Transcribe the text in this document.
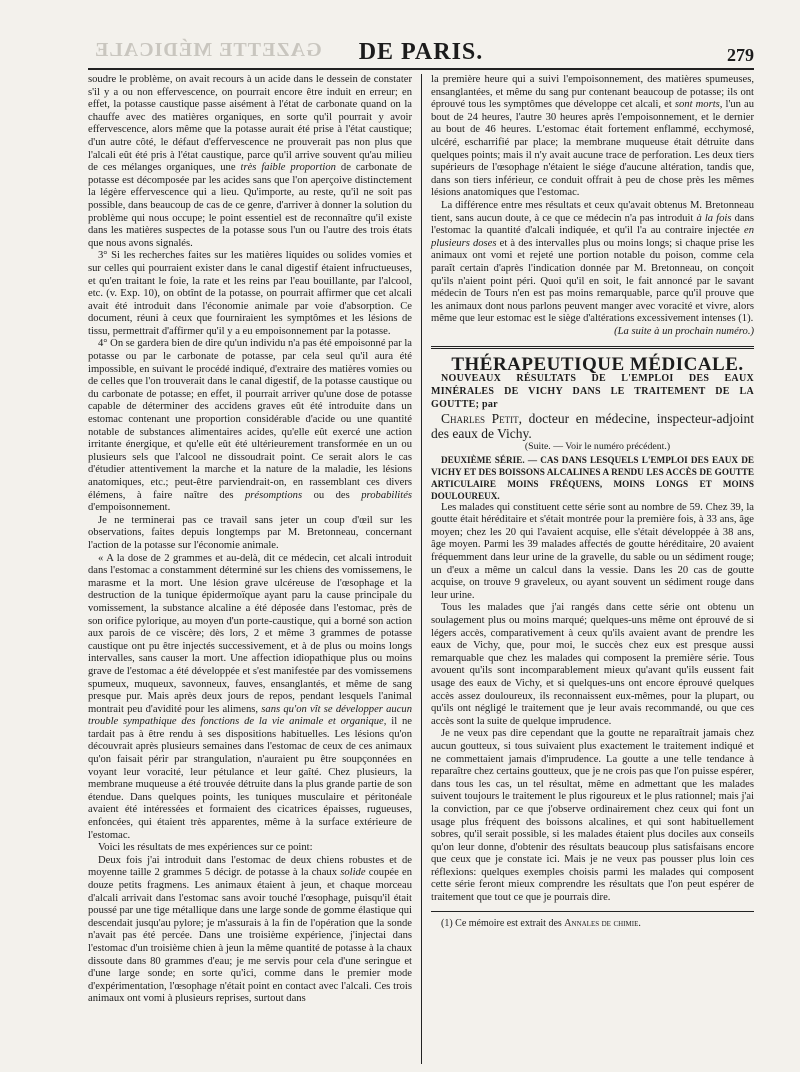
GAZETTE MÉDICALE DE PARIS.	279

soudre le problème, on avait recours à un acide dans le dessein de constater s'il y a ou non effervescence, on pourrait encore être induit en erreur; en effet, la potasse caustique passe aisément à l'état de carbonate quand on la chauffe avec des matières organiques, en sorte qu'il pourrait y avoir effervescence, alors même que la potasse aurait été prise à l'état caustique; d'un autre côté, le défaut d'effervescence ne prouverait pas non plus que l'alcali eût été pris à l'état caustique, parce qu'il arrive souvent qu'au milieu de ces mélanges organiques, une très faible proportion de carbonate de potasse est décomposée par les acides sans que l'on aperçoive distinctement la légère effervescence qui a lieu. Qu'importe, au reste, qu'il ne soit pas possible, dans beaucoup de cas de ce genre, d'arriver à donner la solution du problème qui nous occupe; le point essentiel est de reconnaître qu'il existe dans les matières suspectes de la potasse sous l'un ou l'autre des trois états que nous avons signalés.

3° Si les recherches faites sur les matières liquides ou solides vomies et sur celles qui pourraient exister dans le canal digestif étaient infructueuses, et qu'en traitant le foie, la rate et les reins par l'eau bouillante, par l'alcool, etc. (v. Exp. 10), on obtînt de la potasse, on pourrait affirmer que cet alcali avait été introduit dans l'économie animale par voie d'absorption. Ce document, réuni à ceux que fourniraient les symptômes et les lésions de tissu, permettrait d'affirmer qu'il y a eu empoisonnement par la potasse.

4° On se gardera bien de dire qu'un individu n'a pas été empoisonné par la potasse ou par le carbonate de potasse, par cela seul qu'il aura été impossible, en suivant le procédé indiqué, d'extraire des matières vomies ou de celles que l'on trouverait dans le canal digestif, de la potasse caustique ou du carbonate de potasse; en effet, il pourrait arriver qu'une dose de potasse capable de déterminer des accidens graves eût été introduite dans un estomac contenant une proportion considérable d'acide ou une quantité notable de substances alimentaires acides, qu'elle eût exercé une action irritante énergique, et qu'elle eût été ultérieurement transformée en un ou plusieurs sels que l'alcool ne dissoudrait point. Ce serait alors le cas d'étudier attentivement la marche et la nature de la maladie, les lésions anatomiques, etc.; peut-être parviendrait-on, en rassemblant ces divers élémens, à faire naître des présomptions ou des probabilités d'empoisonnement.

Je ne terminerai pas ce travail sans jeter un coup d'œil sur les observations, faites depuis longtemps par M. Bretonneau, concernant l'action de la potasse sur l'économie animale.

« A la dose de 2 grammes et au-delà, dit ce médecin, cet alcali introduit dans l'estomac a constamment déterminé sur les chiens des vomissemens, le marasme et la mort. Une lésion grave ulcéreuse de l'œsophage et la destruction de la tunique épidermoïque ayant paru la cause principale du vomissement, la substance alcaline a été déposée dans l'estomac, près de son orifice pylorique, au moyen d'un porte-caustique, qui a borné son action aux parois de ce viscère; dès lors, 2 et même 3 grammes de potasse caustique ont pu être injectés successivement, et à de plus ou moins longs intervalles, sans causer la mort. Une affection idiopathique plus ou moins grave de l'estomac a été développée et s'est manifestée par des vomissemens spumeux, muqueux, savonneux, fauves, ensanglantés, et même de sang presque pur. Mais après deux jours de repos, pendant lesquels l'animal montrait peu d'avidité pour les alimens, sans qu'on vît se développer aucun trouble sympathique des fonctions de la vie animale et organique, il ne tardait pas à être rendu à ses dispositions habituelles. Les lésions qu'on découvrait après plusieurs semaines dans l'estomac de ceux de ces animaux qu'on faisait périr par strangulation, n'auraient pu être soupçonnées en voyant leur voracité, leur pétulance et leur gaîté. Chez plusieurs, la membrane muqueuse a été trouvée détruite dans la plus grande partie de son étendue. Dans quelques points, les tuniques musculaire et péritonéale avaient été intéressées et formaient des cicatrices épaisses, rugueuses, enfoncées, qui étaient très apparentes, même à la surface extérieure de l'estomac.

Voici les résultats de mes expériences sur ce point:

Deux fois j'ai introduit dans l'estomac de deux chiens robustes et de moyenne taille 2 grammes 5 décigr. de potasse à la chaux solide coupée en douze petits fragmens. Les animaux étaient à jeun, et chaque morceau d'alcali arrivait dans l'estomac sans avoir touché l'œsophage, puisqu'il était poussé par une tige métallique dans une large sonde de gomme élastique qui descendait jusqu'au pylore; je m'assurais à la fin de l'opération que la sonde n'avait pas été percée. Dans une troisième expérience, j'injectai dans l'estomac d'un troisième chien à jeun la même quantité de potasse à la chaux dissoute dans 80 grammes d'eau; je me servis pour cela d'une seringue et d'une large sonde; en sorte qu'ici, comme dans le premier mode d'expérimentation, l'œsophage n'était point en contact avec l'alcali. Ces trois animaux ont vomi à plusieurs reprises, surtout dans

la première heure qui a suivi l'empoisonnement, des matières spumeuses, ensanglantées, et même du sang pur contenant beaucoup de potasse; ils ont éprouvé tous les symptômes que développe cet alcali, et sont morts, l'un au bout de 24 heures, l'autre 30 heures après l'empoisonnement, et le dernier au bout de 46 heures. L'estomac était fortement enflammé, ecchymosé, ulcéré, escharrifié par place; la membrane muqueuse était détruite dans quelques points; mais il n'y avait aucune trace de perforation. Les deux tiers supérieurs de l'œsophage n'étaient le siége d'aucune altération, tandis que, dans son tiers inférieur, ce conduit offrait à peu de chose près les mêmes lésions anatomiques que l'estomac.

La différence entre mes résultats et ceux qu'avait obtenus M. Bretonneau tient, sans aucun doute, à ce que ce médecin n'a pas introduit à la fois dans l'estomac la quantité d'alcali indiquée, et qu'il l'a au contraire injectée en plusieurs doses et à des intervalles plus ou moins longs; si chaque prise les animaux ont vomi et rejeté une portion notable du poison, comme cela paraît certain d'après l'indication donnée par M. Bretonneau, on conçoit qu'ils n'aient point péri. Quoi qu'il en soit, le fait annoncé par le savant médecin de Tours n'en est pas moins remarquable, parce qu'il prouve que les animaux dont nous parlons peuvent manger avec voracité et vivre, alors même que leur estomac est le siège d'altérations excessivement intenses (1).

(La suite à un prochain numéro.)

THÉRAPEUTIQUE MÉDICALE.

NOUVEAUX RÉSULTATS DE L'EMPLOI DES EAUX MINÉRALES DE VICHY DANS LE TRAITEMENT DE LA GOUTTE; par

Charles Petit, docteur en médecine, inspecteur-adjoint des eaux de Vichy.

(Suite. — Voir le numéro précédent.)

DEUXIÈME SÉRIE. — CAS DANS LESQUELS L'EMPLOI DES EAUX DE VICHY ET DES BOISSONS ALCALINES A RENDU LES ACCÈS DE GOUTTE ARTICULAIRE MOINS FRÉQUENS, MOINS LONGS ET MOINS DOULOUREUX.

Les malades qui constituent cette série sont au nombre de 59. Chez 39, la goutte était héréditaire et s'était montrée pour la première fois, à 33 ans, âge moyen; chez les 20 qui l'avaient acquise, elle s'était développée à 38 ans, âge moyen. Parmi les 39 malades affectés de goutte héréditaire, 20 avaient fréquemment dans leur urine de la gravelle, du sable ou un sédiment rouge; un d'eux a même un calcul dans la vessie. Dans les 20 cas de goutte acquise, on trouve 9 graveleux, ou ayant souvent un sédiment rouge dans leur urine.

Tous les malades que j'ai rangés dans cette série ont obtenu un soulagement plus ou moins marqué; quelques-uns même ont éprouvé de si légers accès, comparativement à ceux qu'ils avaient avant de prendre les eaux de Vichy, que, pour moi, le succès chez eux est presque aussi remarquable que chez les malades qui composent la première série. Tous avouent qu'ils sont incomparablement mieux qu'avant qu'ils eussent fait usage des eaux de Vichy, et si quelques-uns ont encore éprouvé quelques accès assez douloureux, ils reconnaissent eux-mêmes, pour la plupart, ou qu'ils ont négligé le traitement que je leur avais recommandé, ou que ces accès sont la suite de quelque imprudence.

Je ne veux pas dire cependant que la goutte ne reparaîtrait jamais chez aucun goutteux, si tous suivaient plus exactement le traitement indiqué et ne commettaient jamais d'imprudence. La goutte a une telle tendance à reparaître chez certains goutteux, que je ne crois pas que l'on puisse espérer, dans tous les cas, un tel résultat, même en admettant que les malades suivent toujours le traitement le plus rigoureux et le plus rationnel; mais j'ai la conviction, par ce que j'observe ordinairement chez ceux qui font un usage plus fréquent des boissons alcalines, et qui sont habituellement sobres, qu'il serait possible, si les malades étaient plus dociles aux conseils qu'on leur donne, d'obtenir des résultats beaucoup plus satisfaisans encore que ceux que je constate ici. Mais je ne veux pas pousser plus loin ces réflexions: quelques exemples choisis parmi les malades qui composent cette série feront mieux comprendre les résultats que l'on peut espérer de traitement que tout ce que je pourrais dire.

(1) Ce mémoire est extrait des Annales de chimie.
